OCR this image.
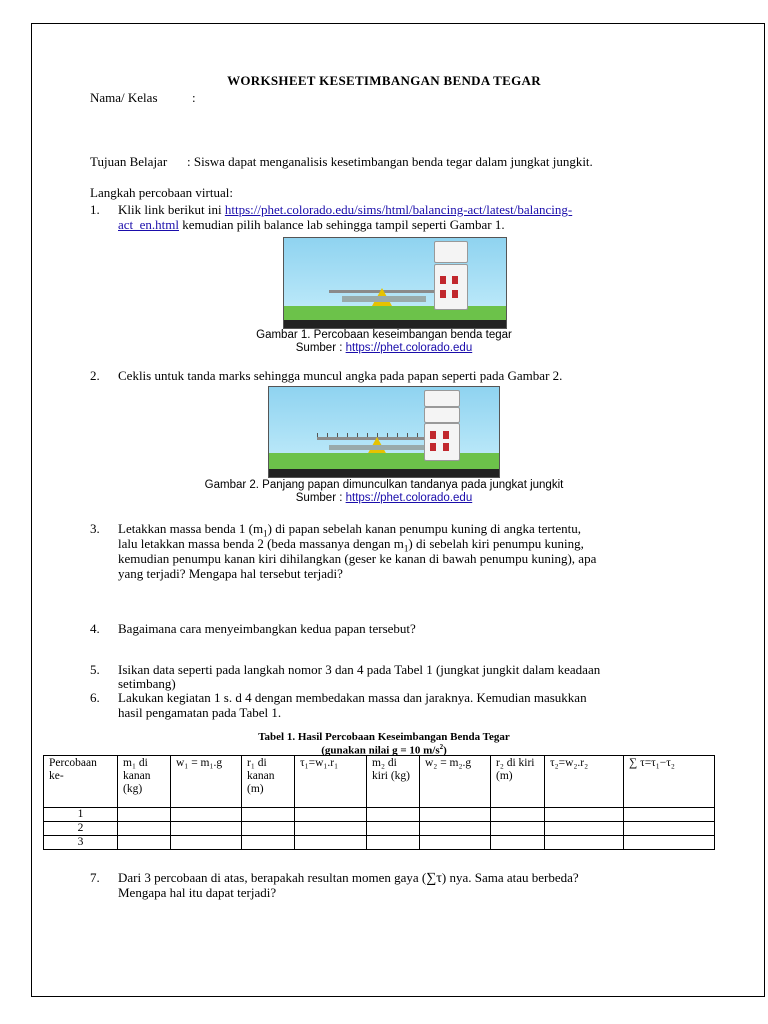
WORKSHEET KESETIMBANGAN BENDA TEGAR
Nama/ Kelas	:
Tujuan Belajar : Siswa dapat menganalisis kesetimbangan benda tegar dalam jungkat jungkit.
Langkah percobaan virtual:
1. Klik link berikut ini https://phet.colorado.edu/sims/html/balancing-act/latest/balancing-
act_en.html kemudian pilih balance lab sehingga tampil seperti Gambar 1.
Gambar 1. Percobaan keseimbangan benda tegar
Sumber : https://phet.colorado.edu
2. Ceklis untuk tanda marks sehingga muncul angka pada papan seperti pada Gambar 2.
Gambar 2. Panjang papan dimunculkan tandanya pada jungkat jungkit
Sumber : https://phet.colorado.edu
3. Letakkan massa benda 1 $(m_1)$ di papan sebelah kanan penumpu kuning di angka tertentu,
lalu letakkan massa benda 2 (beda massanya dengan $m_1$) di sebelah kiri penumpu kuning,
kemudian penumpu kanan kiri dihilangkan (geser ke kanan di bawah penumpu kuning), apa
yang terjadi? Mengapa hal tersebut terjadi?
4. Bagaimana cara menyeimbangkan kedua papan tersebut?
5. Isikan data seperti pada langkah nomor 3 dan 4 pada Tabel 1 (jungkat jungkit dalam keadaan
setimbang)
6. Lakukan kegiatan 1 s. d 4 dengan membedakan massa dan jaraknya. Kemudian masukkan
hasil pengamatan pada Tabel 1.
Tabel 1. Hasil Percobaan Keseimbangan Benda Tegar
(gunakan nilai g = 10 $m/s^2$)
Percobaan ke-	m₁ di kanan (kg)	w₁ = m₁.g	r₁ di kanan (m)	τ₁=w₁.r₁	m₂ di kiri (kg)	w₂ = m₂.g	r₂ di kiri (m)	τ₂=w₂.r₂	∑ τ=τ₁−τ₂
1									
2									
3									
7. Dari 3 percobaan di atas, berapakah resultan momen gaya (∑τ) nya. Sama atau berbeda?
Mengapa hal itu dapat terjadi?
